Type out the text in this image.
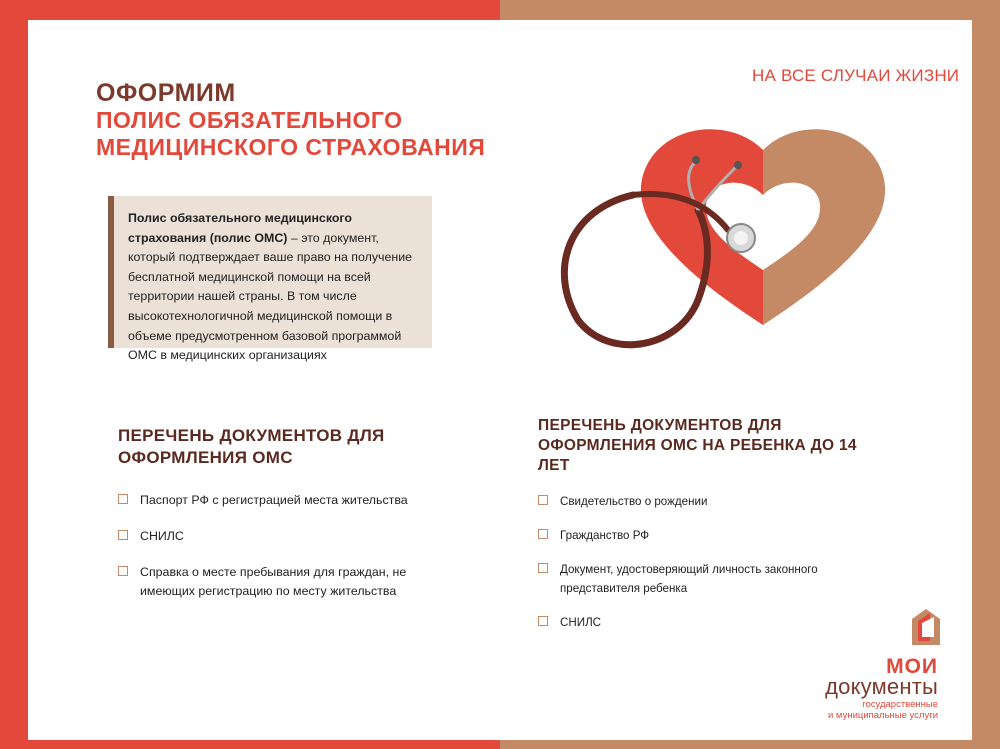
НА ВСЕ СЛУЧАИ ЖИЗНИ
ОФОРМИМ
ПОЛИС ОБЯЗАТЕЛЬНОГО
МЕДИЦИНСКОГО СТРАХОВАНИЯ
Полис обязательного медицинского страхования (полис ОМС) – это документ, который подтверждает ваше право на получение бесплатной медицинской помощи на всей территории нашей страны. В том числе высокотехнологичной медицинской помощи в объеме предусмотренном базовой программой ОМС в медицинских организациях
ПЕРЕЧЕНЬ ДОКУМЕНТОВ ДЛЯ ОФОРМЛЕНИЯ ОМС
Паспорт РФ с регистрацией места жительства
СНИЛС
Справка о месте пребывания для граждан, не имеющих регистрацию по месту жительства
ПЕРЕЧЕНЬ ДОКУМЕНТОВ ДЛЯ ОФОРМЛЕНИЯ ОМС НА РЕБЕНКА ДО 14 ЛЕТ
Свидетельство о рождении
Гражданство РФ
Документ, удостоверяющий личность законного представителя ребенка
СНИЛС
МОИ
документы
государственные
и муниципальные услуги
